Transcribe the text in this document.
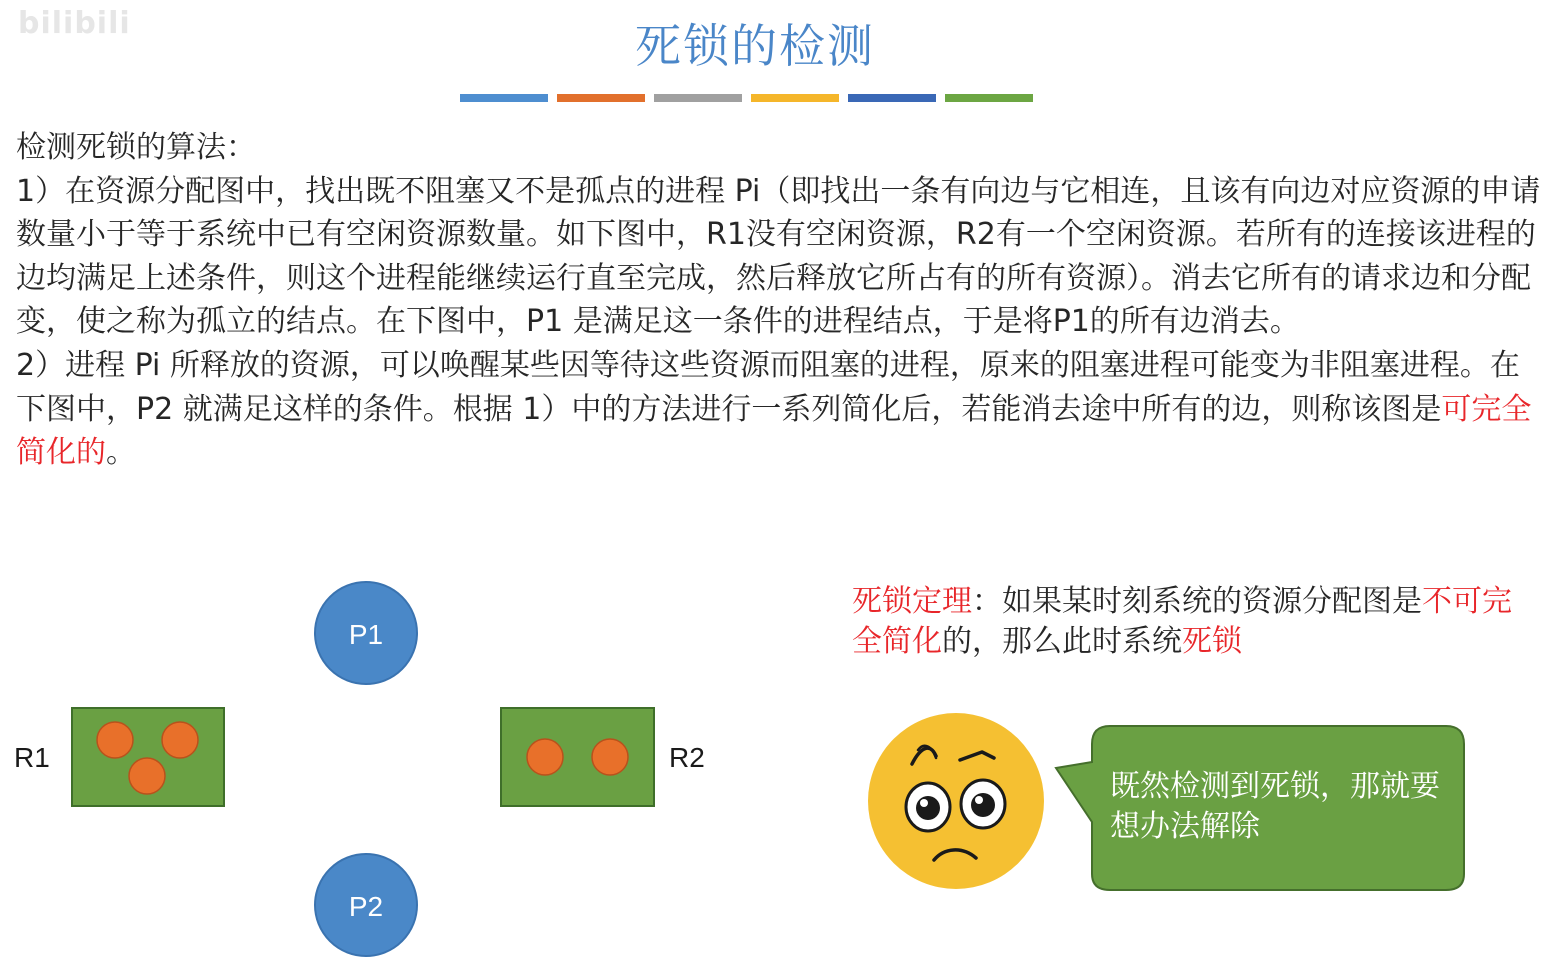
bilibili	死锁的检测

检测死锁的算法：

1）在资源分配图中，找出既不阻塞又不是孤点的进程 Pi（即找出一条有向边与它相连，且该有向边对应资源的申请数量小于等于系统中已有空闲资源数量。如下图中，R1没有空闲资源，R2有一个空闲资源。若所有的连接该进程的边均满足上述条件，则这个进程能继续运行直至完成，然后释放它所占有的所有资源）。消去它所有的请求边和分配变，使之称为孤立的结点。在下图中，P1 是满足这一条件的进程结点，于是将P1的所有边消去。

2）进程 Pi 所释放的资源，可以唤醒某些因等待这些资源而阻塞的进程，原来的阻塞进程可能变为非阻塞进程。在下图中，P2 就满足这样的条件。根据 1）中的方法进行一系列简化后，若能消去途中所有的边，则称该图是可完全简化的。

P1
P2
R1	R2
死锁定理：如果某时刻系统的资源分配图是不可完全简化的，那么此时系统死锁
既然检测到死锁，那就要想办法解除
